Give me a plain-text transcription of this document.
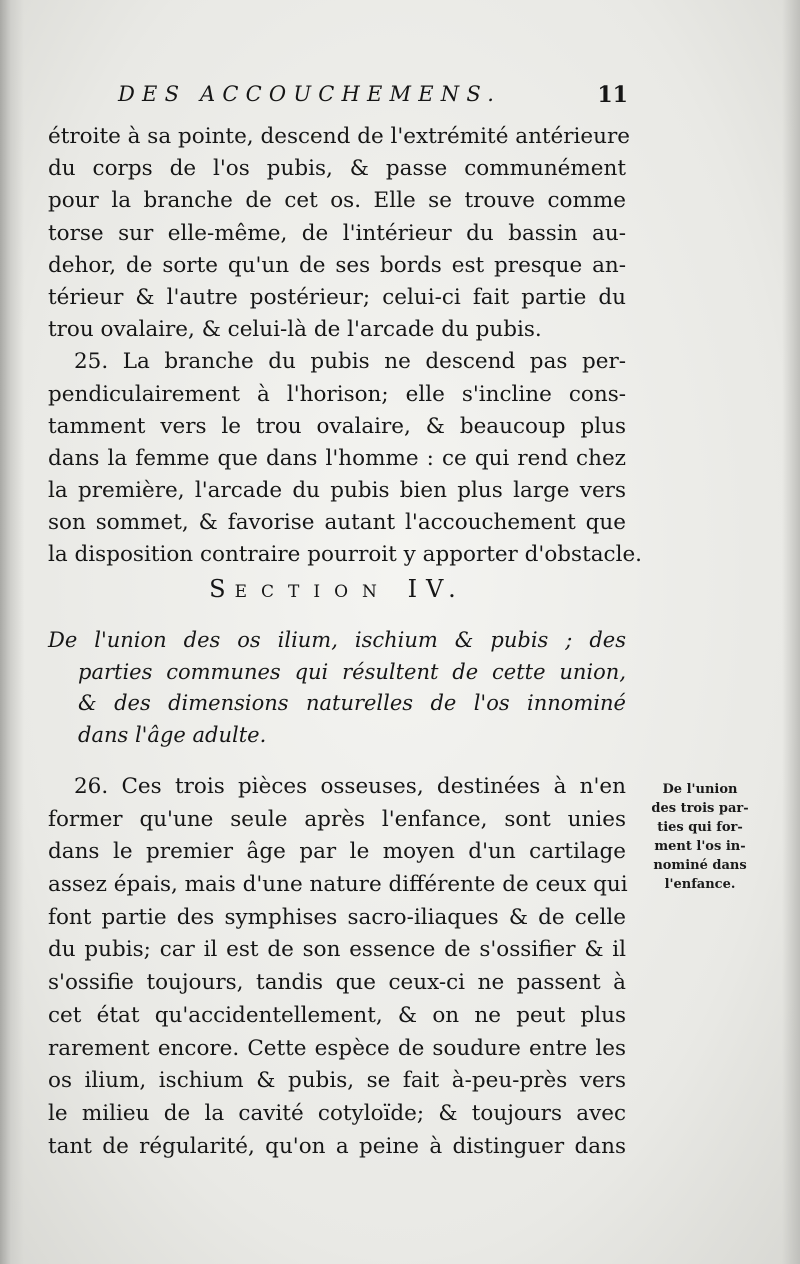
DES ACCOUCHEMENS.	11
étroite à sa pointe, descend de l'extrémité antérieure
du corps de l'os pubis, & passe communément
pour la branche de cet os. Elle se trouve comme
torse sur elle-même, de l'intérieur du bassin au-
dehor, de sorte qu'un de ses bords est presque an-
térieur & l'autre postérieur; celui-ci fait partie du
trou ovalaire, & celui-là de l'arcade du pubis.
25. La branche du pubis ne descend pas per-
pendiculairement à l'horison; elle s'incline cons-
tamment vers le trou ovalaire, & beaucoup plus
dans la femme que dans l'homme : ce qui rend chez
la première, l'arcade du pubis bien plus large vers
son sommet, & favorise autant l'accouchement que
la disposition contraire pourroit y apporter d'obstacle.
SECTION IV.
De l'union des os ilium, ischium & pubis ; des
parties communes qui résultent de cette union,
& des dimensions naturelles de l'os innominé
dans l'âge adulte.
26. Ces trois pièces osseuses, destinées à n'en
former qu'une seule après l'enfance, sont unies
dans le premier âge par le moyen d'un cartilage
assez épais, mais d'une nature différente de ceux qui
font partie des symphises sacro-iliaques & de celle
du pubis; car il est de son essence de s'ossifier & il
s'ossifie toujours, tandis que ceux-ci ne passent à
cet état qu'accidentellement, & on ne peut plus
rarement encore. Cette espèce de soudure entre les
os ilium, ischium & pubis, se fait à-peu-près vers
le milieu de la cavité cotyloïde; & toujours avec
tant de régularité, qu'on a peine à distinguer dans
De l'union
des trois par-
ties qui for-
ment l'os in-
nominé dans
l'enfance.
